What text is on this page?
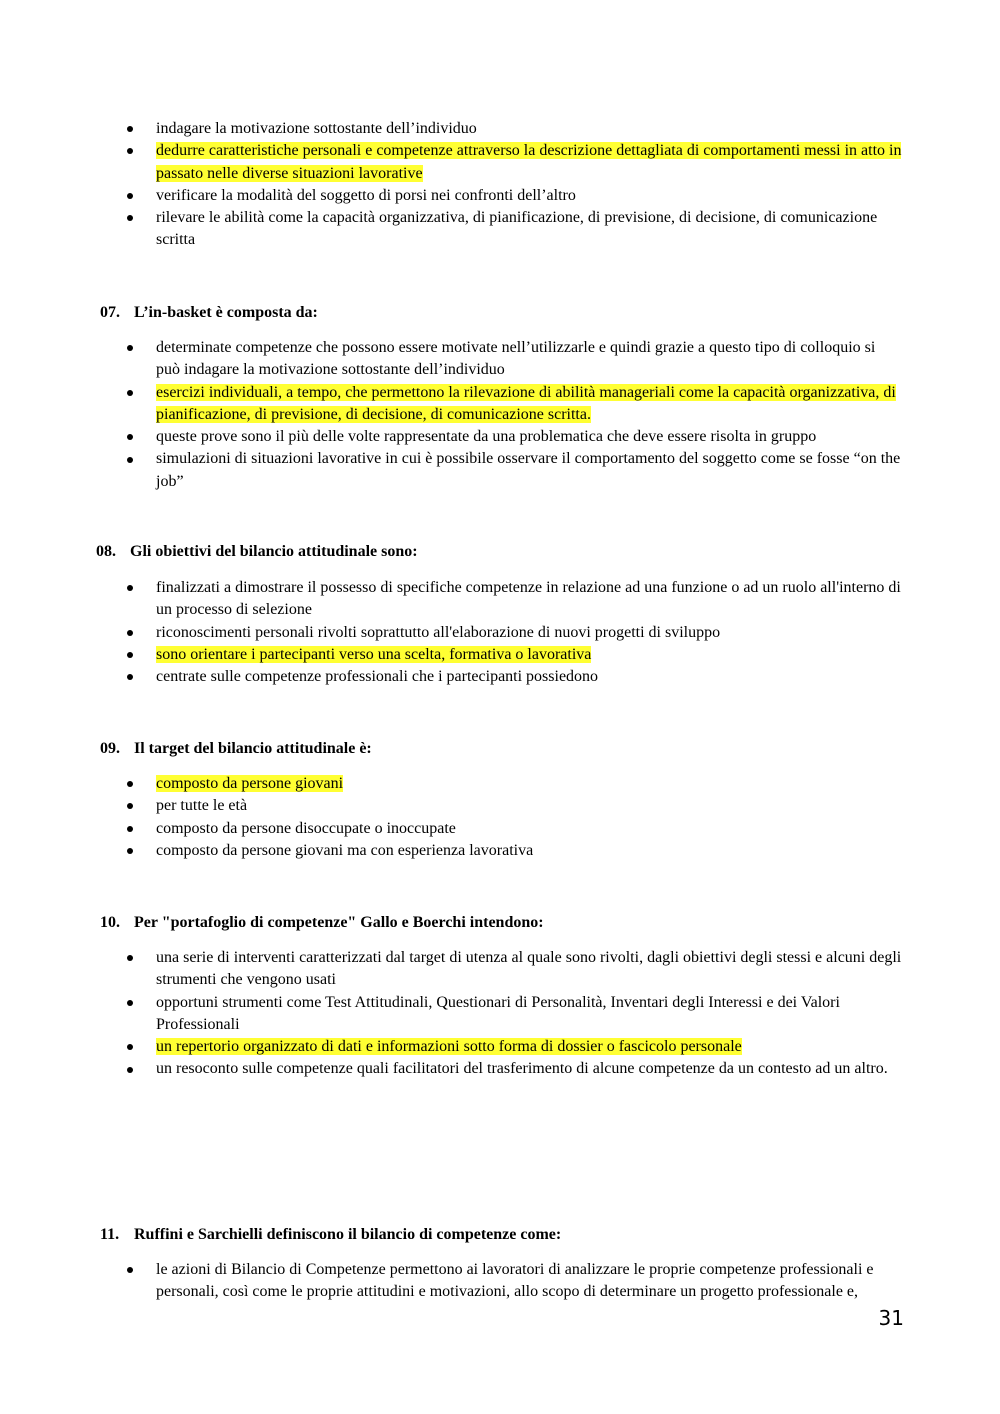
indagare la motivazione sottostante dell’individuo
dedurre caratteristiche personali e competenze attraverso la descrizione dettagliata di comportamenti messi in atto in passato nelle diverse situazioni lavorative
verificare la modalità del soggetto di porsi nei confronti dell’altro
rilevare le abilità come la capacità organizzativa, di pianificazione, di previsione, di decisione, di comunicazione scritta
07. L’in-basket è composta da:
determinate competenze che possono essere motivate nell’utilizzarle e quindi grazie a questo tipo di colloquio si può indagare la motivazione sottostante dell’individuo
esercizi individuali, a tempo, che permettono la rilevazione di abilità manageriali come la capacità organizzativa, di pianificazione, di previsione, di decisione, di comunicazione scritta.
queste prove sono il più delle volte rappresentate da una problematica che deve essere risolta in gruppo
simulazioni di situazioni lavorative in cui è possibile osservare il comportamento del soggetto come se fosse “on the job”
08. Gli obiettivi del bilancio attitudinale sono:
finalizzati a dimostrare il possesso di specifiche competenze in relazione ad una funzione o ad un ruolo all'interno di un processo di selezione
riconoscimenti personali rivolti soprattutto all'elaborazione di nuovi progetti di sviluppo
sono orientare i partecipanti verso una scelta, formativa o lavorativa
centrate sulle competenze professionali che i partecipanti possiedono
09. Il target del bilancio attitudinale è:
composto da persone giovani
per tutte le età
composto da persone disoccupate o inoccupate
composto da persone giovani ma con esperienza lavorativa
10. Per "portafoglio di competenze" Gallo e Boerchi intendono:
una serie di interventi caratterizzati dal target di utenza al quale sono rivolti, dagli obiettivi degli stessi e alcuni degli strumenti che vengono usati
opportuni strumenti come Test Attitudinali, Questionari di Personalità, Inventari degli Interessi e dei Valori Professionali
un repertorio organizzato di dati e informazioni sotto forma di dossier o fascicolo personale
un resoconto sulle competenze quali facilitatori del trasferimento di alcune competenze da un contesto ad un altro.
11. Ruffini e Sarchielli definiscono il bilancio di competenze come:
le azioni di Bilancio di Competenze permettono ai lavoratori di analizzare le proprie competenze professionali e personali, così come le proprie attitudini e motivazioni, allo scopo di determinare un progetto professionale e,
31
